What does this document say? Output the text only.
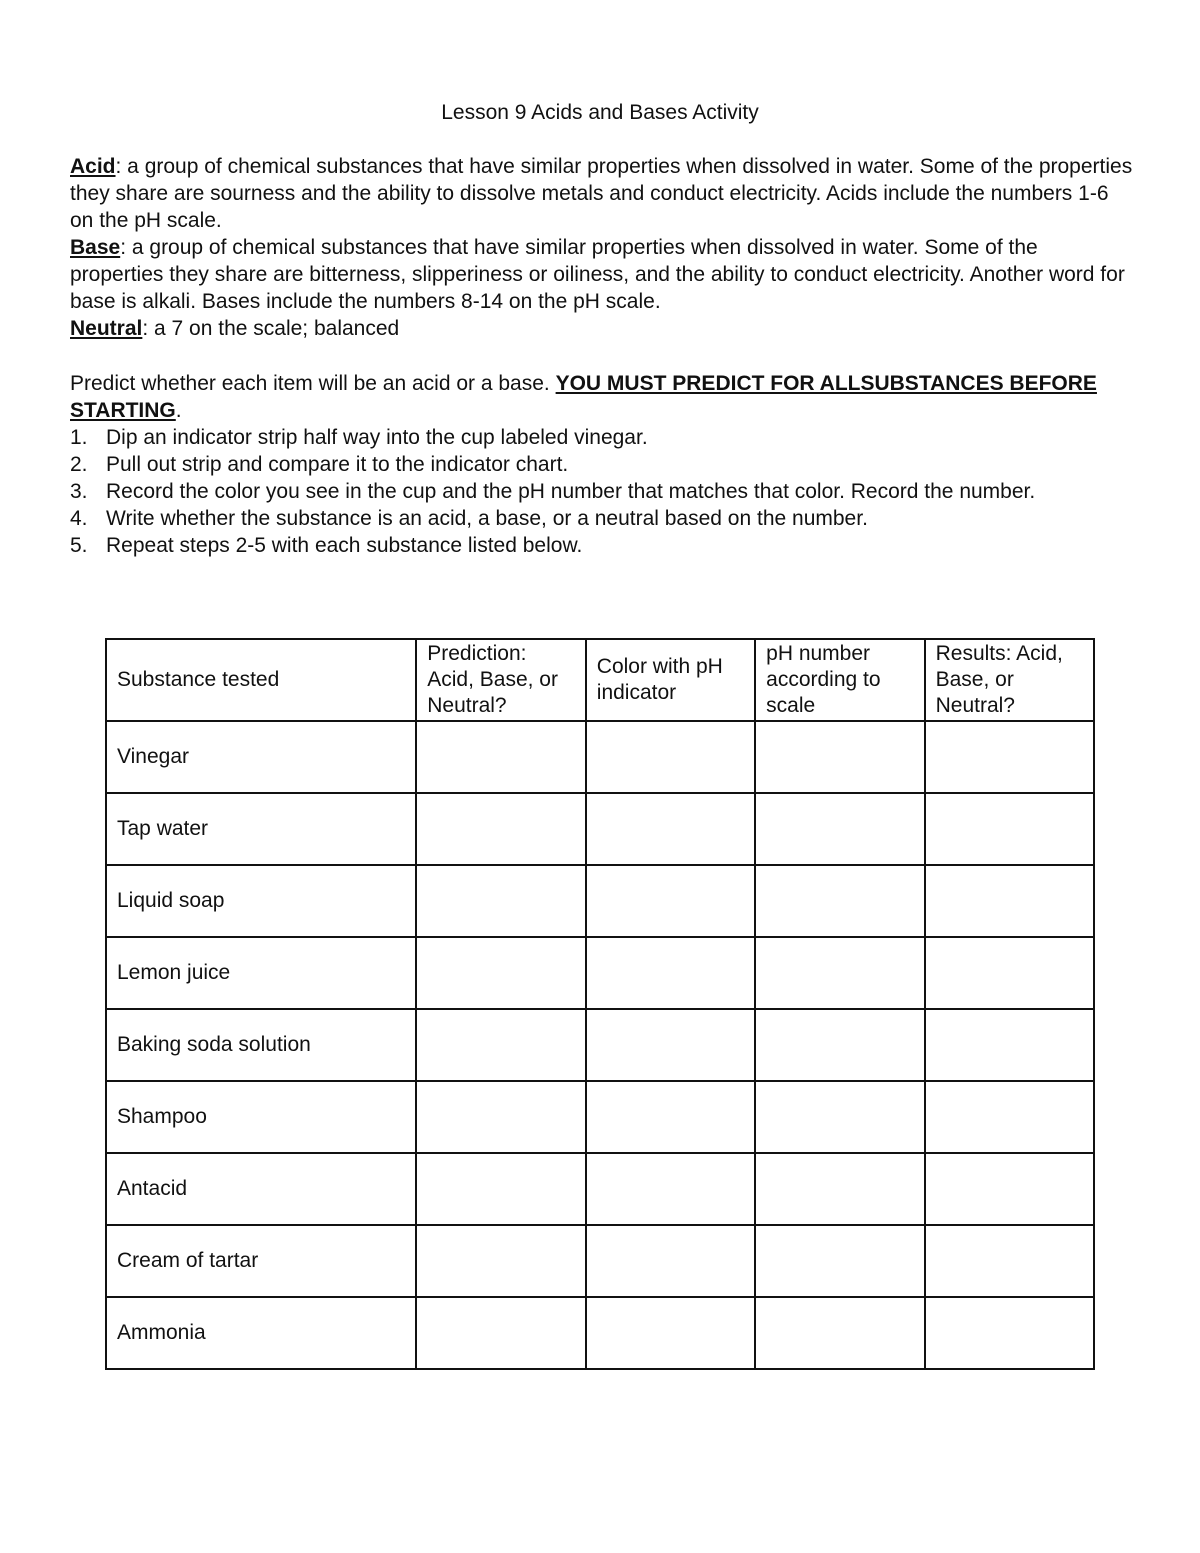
Lesson 9 Acids and Bases Activity

Acid: a group of chemical substances that have similar properties when dissolved in water. Some of the properties they share are sourness and the ability to dissolve metals and conduct electricity. Acids include the numbers 1-6 on the pH scale.

Base: a group of chemical substances that have similar properties when dissolved in water. Some of the properties they share are bitterness, slipperiness or oiliness, and the ability to conduct electricity. Another word for base is alkali. Bases include the numbers 8-14 on the pH scale.

Neutral: a 7 on the scale; balanced

Predict whether each item will be an acid or a base. YOU MUST PREDICT FOR ALLSUBSTANCES BEFORE STARTING.

1. Dip an indicator strip half way into the cup labeled vinegar.
2. Pull out strip and compare it to the indicator chart.
3. Record the color you see in the cup and the pH number that matches that color. Record the number.
4. Write whether the substance is an acid, a base, or a neutral based on the number.
5. Repeat steps 2-5 with each substance listed below.
Substance tested	Prediction: Acid, Base, or Neutral?	Color with pH indicator	pH number according to scale	Results: Acid, Base, or Neutral?
Vinegar				
Tap water				
Liquid soap				
Lemon juice				
Baking soda solution				
Shampoo				
Antacid				
Cream of tartar				
Ammonia				
